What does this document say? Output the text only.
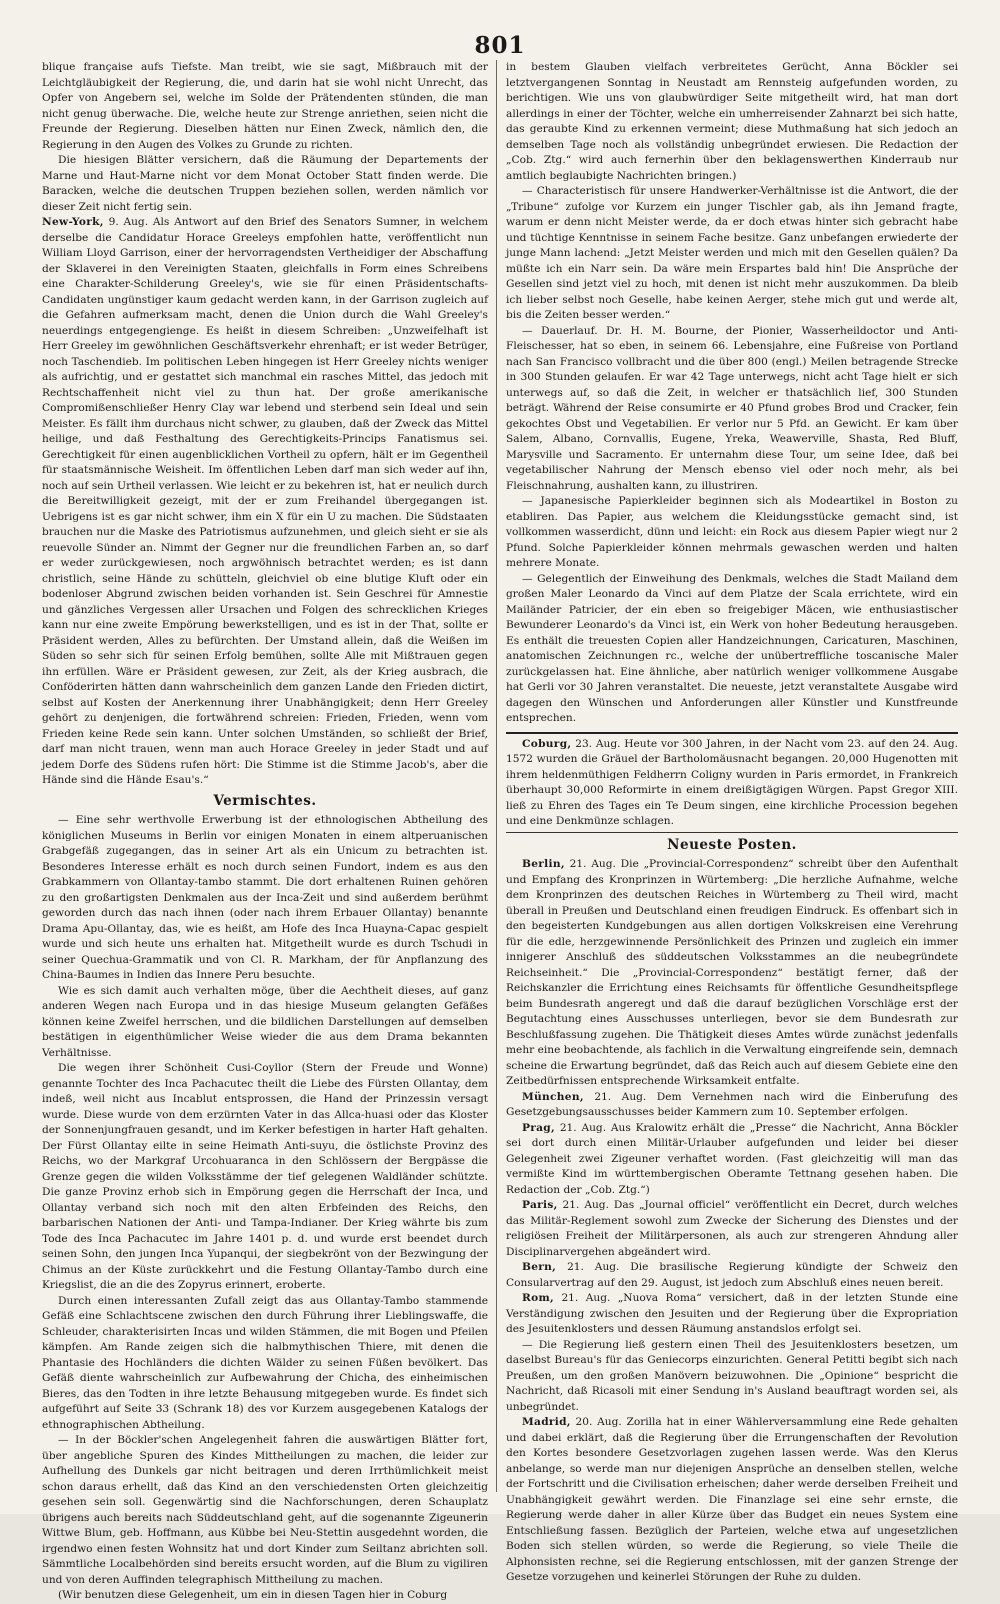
801

blique française aufs Tiefste. Man treibt, wie sie sagt, Mißbrauch mit der Leichtgläubigkeit der Regierung, die, und darin hat sie wohl nicht Unrecht, das Opfer von Angebern sei, welche im Solde der Prätendenten stünden, die man nicht genug überwache. Die, welche heute zur Strenge anriethen, seien nicht die Freunde der Regierung. Dieselben hätten nur Einen Zweck, nämlich den, die Regierung in den Augen des Volkes zu Grunde zu richten.

Die hiesigen Blätter versichern, daß die Räumung der Departements der Marne und Haut-Marne nicht vor dem Monat October Statt finden werde. Die Baracken, welche die deutschen Truppen beziehen sollen, werden nämlich vor dieser Zeit nicht fertig sein.

New-York, 9. Aug. Als Antwort auf den Brief des Senators Sumner, in welchem derselbe die Candidatur Horace Greeleys empfohlen hatte, veröffentlicht nun William Lloyd Garrison, einer der hervorragendsten Vertheidiger der Abschaffung der Sklaverei in den Vereinigten Staaten, gleichfalls in Form eines Schreibens eine Charakter-Schilderung Greeley's, wie sie für einen Präsidentschafts-Candidaten ungünstiger kaum gedacht werden kann, in der Garrison zugleich auf die Gefahren aufmerksam macht, denen die Union durch die Wahl Greeley's neuerdings entgegengienge. Es heißt in diesem Schreiben: „Unzweifelhaft ist Herr Greeley im gewöhnlichen Geschäftsverkehr ehrenhaft; er ist weder Betrüger, noch Taschendieb. Im politischen Leben hingegen ist Herr Greeley nichts weniger als aufrichtig, und er gestattet sich manchmal ein rasches Mittel, das jedoch mit Rechtschaffenheit nicht viel zu thun hat. Der große amerikanische Compromißenschließer Henry Clay war lebend und sterbend sein Ideal und sein Meister. Es fällt ihm durchaus nicht schwer, zu glauben, daß der Zweck das Mittel heilige, und daß Festhaltung des Gerechtigkeits-Princips Fanatismus sei. Gerechtigkeit für einen augenblicklichen Vortheil zu opfern, hält er im Gegentheil für staatsmännische Weisheit. Im öffentlichen Leben darf man sich weder auf ihn, noch auf sein Urtheil verlassen. Wie leicht er zu bekehren ist, hat er neulich durch die Bereitwilligkeit gezeigt, mit der er zum Freihandel übergegangen ist. Uebrigens ist es gar nicht schwer, ihm ein X für ein U zu machen. Die Südstaaten brauchen nur die Maske des Patriotismus aufzunehmen, und gleich sieht er sie als reuevolle Sünder an. Nimmt der Gegner nur die freundlichen Farben an, so darf er weder zurückgewiesen, noch argwöhnisch betrachtet werden; es ist dann christlich, seine Hände zu schütteln, gleichviel ob eine blutige Kluft oder ein bodenloser Abgrund zwischen beiden vorhanden ist. Sein Geschrei für Amnestie und gänzliches Vergessen aller Ursachen und Folgen des schrecklichen Krieges kann nur eine zweite Empörung bewerkstelligen, und es ist in der That, sollte er Präsident werden, Alles zu befürchten. Der Umstand allein, daß die Weißen im Süden so sehr sich für seinen Erfolg bemühen, sollte Alle mit Mißtrauen gegen ihn erfüllen. Wäre er Präsident gewesen, zur Zeit, als der Krieg ausbrach, die Conföderirten hätten dann wahrscheinlich dem ganzen Lande den Frieden dictirt, selbst auf Kosten der Anerkennung ihrer Unabhängigkeit; denn Herr Greeley gehört zu denjenigen, die fortwährend schreien: Frieden, Frieden, wenn vom Frieden keine Rede sein kann. Unter solchen Umständen, so schließt der Brief, darf man nicht trauen, wenn man auch Horace Greeley in jeder Stadt und auf jedem Dorfe des Südens rufen hört: Die Stimme ist die Stimme Jacob's, aber die Hände sind die Hände Esau's.“

Vermischtes.

— Eine sehr werthvolle Erwerbung ist der ethnologischen Abtheilung des königlichen Museums in Berlin vor einigen Monaten in einem altperuanischen Grabgefäß zugegangen, das in seiner Art als ein Unicum zu betrachten ist. Besonderes Interesse erhält es noch durch seinen Fundort, indem es aus den Grabkammern von Ollantay-tambo stammt. Die dort erhaltenen Ruinen gehören zu den großartigsten Denkmalen aus der Inca-Zeit und sind außerdem berühmt geworden durch das nach ihnen (oder nach ihrem Erbauer Ollantay) benannte Drama Apu-Ollantay, das, wie es heißt, am Hofe des Inca Huayna-Capac gespielt wurde und sich heute uns erhalten hat. Mitgetheilt wurde es durch Tschudi in seiner Quechua-Grammatik und von Cl. R. Markham, der für Anpflanzung des China-Baumes in Indien das Innere Peru besuchte.

Wie es sich damit auch verhalten möge, über die Aechtheit dieses, auf ganz anderen Wegen nach Europa und in das hiesige Museum gelangten Gefäßes können keine Zweifel herrschen, und die bildlichen Darstellungen auf demselben bestätigen in eigenthümlicher Weise wieder die aus dem Drama bekannten Verhältnisse.

Die wegen ihrer Schönheit Cusi-Coyllor (Stern der Freude und Wonne) genannte Tochter des Inca Pachacutec theilt die Liebe des Fürsten Ollantay, dem indeß, weil nicht aus Incablut entsprossen, die Hand der Prinzessin versagt wurde. Diese wurde von dem erzürnten Vater in das Allca-huasi oder das Kloster der Sonnenjungfrauen gesandt, und im Kerker befestigen in harter Haft gehalten. Der Fürst Ollantay eilte in seine Heimath Anti-suyu, die östlichste Provinz des Reichs, wo der Markgraf Urcohuaranca in den Schlössern der Bergpässe die Grenze gegen die wilden Volksstämme der tief gelegenen Waldländer schützte. Die ganze Provinz erhob sich in Empörung gegen die Herrschaft der Inca, und Ollantay verband sich noch mit den alten Erbfeinden des Reichs, den barbarischen Nationen der Anti- und Tampa-Indianer. Der Krieg währte bis zum Tode des Inca Pachacutec im Jahre 1401 p. d. und wurde erst beendet durch seinen Sohn, den jungen Inca Yupanqui, der siegbekrönt von der Bezwingung der Chimus an der Küste zurückkehrt und die Festung Ollantay-Tambo durch eine Kriegslist, die an die des Zopyrus erinnert, eroberte.

Durch einen interessanten Zufall zeigt das aus Ollantay-Tambo stammende Gefäß eine Schlachtscene zwischen den durch Führung ihrer Lieblingswaffe, die Schleuder, charakterisirten Incas und wilden Stämmen, die mit Bogen und Pfeilen kämpfen. Am Rande zeigen sich die halbmythischen Thiere, mit denen die Phantasie des Hochländers die dichten Wälder zu seinen Füßen bevölkert. Das Gefäß diente wahrscheinlich zur Aufbewahrung der Chicha, des einheimischen Bieres, das den Todten in ihre letzte Behausung mitgegeben wurde. Es findet sich aufgeführt auf Seite 33 (Schrank 18) des vor Kurzem ausgegebenen Katalogs der ethnographischen Abtheilung.

— In der Böckler'schen Angelegenheit fahren die auswärtigen Blätter fort, über angebliche Spuren des Kindes Mittheilungen zu machen, die leider zur Aufhellung des Dunkels gar nicht beitragen und deren Irrthümlichkeit meist schon daraus erhellt, daß das Kind an den verschiedensten Orten gleichzeitig gesehen sein soll. Gegenwärtig sind die Nachforschungen, deren Schauplatz übrigens auch bereits nach Süddeutschland geht, auf die sogenannte Zigeunerin Wittwe Blum, geb. Hoffmann, aus Kübbe bei Neu-Stettin ausgedehnt worden, die irgendwo einen festen Wohnsitz hat und dort Kinder zum Seiltanz abrichten soll. Sämmtliche Localbehörden sind bereits ersucht worden, auf die Blum zu vigiliren und von deren Auffinden telegraphisch Mittheilung zu machen.

(Wir benutzen diese Gelegenheit, um ein in diesen Tagen hier in Coburg

in bestem Glauben vielfach verbreitetes Gerücht, Anna Böckler sei letztvergangenen Sonntag in Neustadt am Rennsteig aufgefunden worden, zu berichtigen. Wie uns von glaubwürdiger Seite mitgetheilt wird, hat man dort allerdings in einer der Töchter, welche ein umherreisender Zahnarzt bei sich hatte, das geraubte Kind zu erkennen vermeint; diese Muthmaßung hat sich jedoch an demselben Tage noch als vollständig unbegründet erwiesen. Die Redaction der „Cob. Ztg.“ wird auch fernerhin über den beklagenswerthen Kinderraub nur amtlich beglaubigte Nachrichten bringen.)

— Characteristisch für unsere Handwerker-Verhältnisse ist die Antwort, die der „Tribune“ zufolge vor Kurzem ein junger Tischler gab, als ihn Jemand fragte, warum er denn nicht Meister werde, da er doch etwas hinter sich gebracht habe und tüchtige Kenntnisse in seinem Fache besitze. Ganz unbefangen erwiederte der junge Mann lachend: „Jetzt Meister werden und mich mit den Gesellen quälen? Da müßte ich ein Narr sein. Da wäre mein Erspartes bald hin! Die Ansprüche der Gesellen sind jetzt viel zu hoch, mit denen ist nicht mehr auszukommen. Da bleib ich lieber selbst noch Geselle, habe keinen Aerger, stehe mich gut und werde alt, bis die Zeiten besser werden.“

— Dauerlauf. Dr. H. M. Bourne, der Pionier, Wasserheildoctor und Anti-Fleischesser, hat so eben, in seinem 66. Lebensjahre, eine Fußreise von Portland nach San Francisco vollbracht und die über 800 (engl.) Meilen betragende Strecke in 300 Stunden gelaufen. Er war 42 Tage unterwegs, nicht acht Tage hielt er sich unterwegs auf, so daß die Zeit, in welcher er thatsächlich lief, 300 Stunden beträgt. Während der Reise consumirte er 40 Pfund grobes Brod und Cracker, fein gekochtes Obst und Vegetabilien. Er verlor nur 5 Pfd. an Gewicht. Er kam über Salem, Albano, Cornvallis, Eugene, Yreka, Weawerville, Shasta, Red Bluff, Marysville und Sacramento. Er unternahm diese Tour, um seine Idee, daß bei vegetabilischer Nahrung der Mensch ebenso viel oder noch mehr, als bei Fleischnahrung, aushalten kann, zu illustriren.

— Japanesische Papierkleider beginnen sich als Modeartikel in Boston zu etabliren. Das Papier, aus welchem die Kleidungsstücke gemacht sind, ist vollkommen wasserdicht, dünn und leicht: ein Rock aus diesem Papier wiegt nur 2 Pfund. Solche Papierkleider können mehrmals gewaschen werden und halten mehrere Monate.

— Gelegentlich der Einweihung des Denkmals, welches die Stadt Mailand dem großen Maler Leonardo da Vinci auf dem Platze der Scala errichtete, wird ein Mailänder Patricier, der ein eben so freigebiger Mäcen, wie enthusiastischer Bewunderer Leonardo's da Vinci ist, ein Werk von hoher Bedeutung herausgeben. Es enthält die treuesten Copien aller Handzeichnungen, Caricaturen, Maschinen, anatomischen Zeichnungen rc., welche der unübertreffliche toscanische Maler zurückgelassen hat. Eine ähnliche, aber natürlich weniger vollkommene Ausgabe hat Gerli vor 30 Jahren veranstaltet. Die neueste, jetzt veranstaltete Ausgabe wird dagegen den Wünschen und Anforderungen aller Künstler und Kunstfreunde entsprechen.

Coburg, 23. Aug. Heute vor 300 Jahren, in der Nacht vom 23. auf den 24. Aug. 1572 wurden die Gräuel der Bartholomäusnacht begangen. 20,000 Hugenotten mit ihrem heldenmüthigen Feldherrn Coligny wurden in Paris ermordet, in Frankreich überhaupt 30,000 Reformirte in einem dreißigtägigen Würgen. Papst Gregor XIII. ließ zu Ehren des Tages ein Te Deum singen, eine kirchliche Procession begehen und eine Denkmünze schlagen.

Neueste Posten.

Berlin, 21. Aug. Die „Provincial-Correspondenz“ schreibt über den Aufenthalt und Empfang des Kronprinzen in Würtemberg: „Die herzliche Aufnahme, welche dem Kronprinzen des deutschen Reiches in Würtemberg zu Theil wird, macht überall in Preußen und Deutschland einen freudigen Eindruck. Es offenbart sich in den begeisterten Kundgebungen aus allen dortigen Volkskreisen eine Verehrung für die edle, herzgewinnende Persönlichkeit des Prinzen und zugleich ein immer innigerer Anschluß des süddeutschen Volksstammes an die neubegründete Reichseinheit.“ Die „Provincial-Correspondenz“ bestätigt ferner, daß der Reichskanzler die Errichtung eines Reichsamts für öffentliche Gesundheitspflege beim Bundesrath angeregt und daß die darauf bezüglichen Vorschläge erst der Begutachtung eines Ausschusses unterliegen, bevor sie dem Bundesrath zur Beschlußfassung zugehen. Die Thätigkeit dieses Amtes würde zunächst jedenfalls mehr eine beobachtende, als fachlich in die Verwaltung eingreifende sein, demnach scheine die Erwartung begründet, daß das Reich auch auf diesem Gebiete eine den Zeitbedürfnissen entsprechende Wirksamkeit entfalte.

München, 21. Aug. Dem Vernehmen nach wird die Einberufung des Gesetzgebungsausschusses beider Kammern zum 10. September erfolgen.

Prag, 21. Aug. Aus Kralowitz erhält die „Presse“ die Nachricht, Anna Böckler sei dort durch einen Militär-Urlauber aufgefunden und leider bei dieser Gelegenheit zwei Zigeuner verhaftet worden. (Fast gleichzeitig will man das vermißte Kind im württembergischen Oberamte Tettnang gesehen haben. Die Redaction der „Cob. Ztg.“)

Paris, 21. Aug. Das „Journal officiel“ veröffentlicht ein Decret, durch welches das Militär-Reglement sowohl zum Zwecke der Sicherung des Dienstes und der religiösen Freiheit der Militärpersonen, als auch zur strengeren Ahndung aller Disciplinarvergehen abgeändert wird.

Bern, 21. Aug. Die brasilische Regierung kündigte der Schweiz den Consularvertrag auf den 29. August, ist jedoch zum Abschluß eines neuen bereit.

Rom, 21. Aug. „Nuova Roma“ versichert, daß in der letzten Stunde eine Verständigung zwischen den Jesuiten und der Regierung über die Expropriation des Jesuitenklosters und dessen Räumung anstandslos erfolgt sei.

— Die Regierung ließ gestern einen Theil des Jesuitenklosters besetzen, um daselbst Bureau's für das Geniecorps einzurichten. General Petitti begibt sich nach Preußen, um den großen Manövern beizuwohnen. Die „Opinione“ bespricht die Nachricht, daß Ricasoli mit einer Sendung in's Ausland beauftragt worden sei, als unbegründet.

Madrid, 20. Aug. Zorilla hat in einer Wählerversammlung eine Rede gehalten und dabei erklärt, daß die Regierung über die Errungenschaften der Revolution den Kortes besondere Gesetzvorlagen zugehen lassen werde. Was den Klerus anbelange, so werde man nur diejenigen Ansprüche an denselben stellen, welche der Fortschritt und die Civilisation erheischen; daher werde derselben Freiheit und Unabhängigkeit gewährt werden. Die Finanzlage sei eine sehr ernste, die Regierung werde daher in aller Kürze über das Budget ein neues System eine Entschließung fassen. Bezüglich der Parteien, welche etwa auf ungesetzlichen Boden sich stellen würden, so werde die Regierung, so viele Theile die Alphonsisten rechne, sei die Regierung entschlossen, mit der ganzen Strenge der Gesetze vorzugehen und keinerlei Störungen der Ruhe zu dulden.
